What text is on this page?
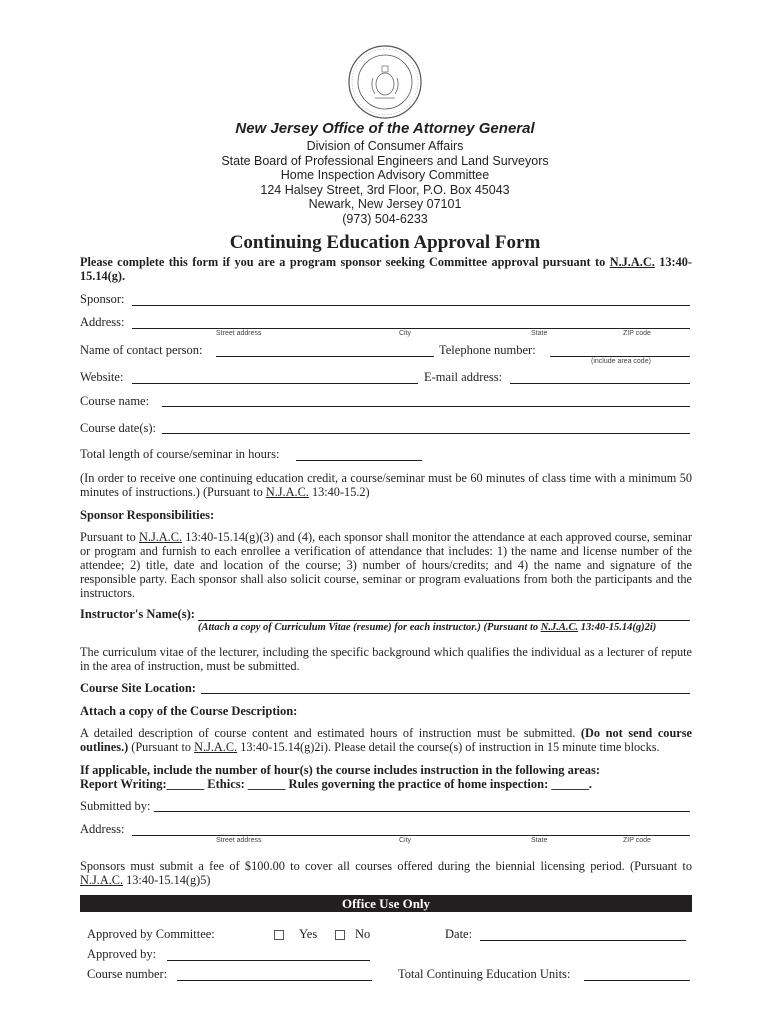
New Jersey Office of the Attorney General
Division of Consumer Affairs
State Board of Professional Engineers and Land Surveyors
Home Inspection Advisory Committee
124 Halsey Street, 3rd Floor, P.O. Box 45043
Newark, New Jersey 07101
(973) 504-6233
Continuing Education Approval Form
Please complete this form if you are a program sponsor seeking Committee approval pursuant to N.J.A.C. 13:40-15.14(g).
Sponsor:
Address:
Street address	City	State	ZIP code
Name of contact person:	Telephone number:
(include area code)
Website:	E-mail address:
Course name:
Course date(s):
Total length of course/seminar in hours:
(In order to receive one continuing education credit, a course/seminar must be 60 minutes of class time with a minimum 50 minutes of instructions.) (Pursuant to N.J.A.C. 13:40-15.2)
Sponsor Responsibilities:
Pursuant to N.J.A.C. 13:40-15.14(g)(3) and (4), each sponsor shall monitor the attendance at each approved course, seminar or program and furnish to each enrollee a verification of attendance that includes: 1) the name and license number of the attendee; 2) title, date and location of the course; 3) number of hours/credits; and 4) the name and signature of the responsible party. Each sponsor shall also solicit course, seminar or program evaluations from both the participants and the instructors.
Instructor's Name(s):
(Attach a copy of Curriculum Vitae (resume) for each instructor.) (Pursuant to N.J.A.C. 13:40-15.14(g)2i)
The curriculum vitae of the lecturer, including the specific background which qualifies the individual as a lecturer of repute in the area of instruction, must be submitted.
Course Site Location:
Attach a copy of the Course Description:
A detailed description of course content and estimated hours of instruction must be submitted. (Do not send course outlines.) (Pursuant to N.J.A.C. 13:40-15.14(g)2i). Please detail the course(s) of instruction in 15 minute time blocks.
If applicable, include the number of hour(s) the course includes instruction in the following areas:
Report Writing:______ Ethics: ______ Rules governing the practice of home inspection: ______.
Submitted by:
Address:
Street address	City	State	ZIP code
Sponsors must submit a fee of $100.00 to cover all courses offered during the biennial licensing period. (Pursuant to N.J.A.C. 13:40-15.14(g)5)
Office Use Only
Approved by Committee:	Yes	No	Date:
Approved by:
Course number:	Total Continuing Education Units:
